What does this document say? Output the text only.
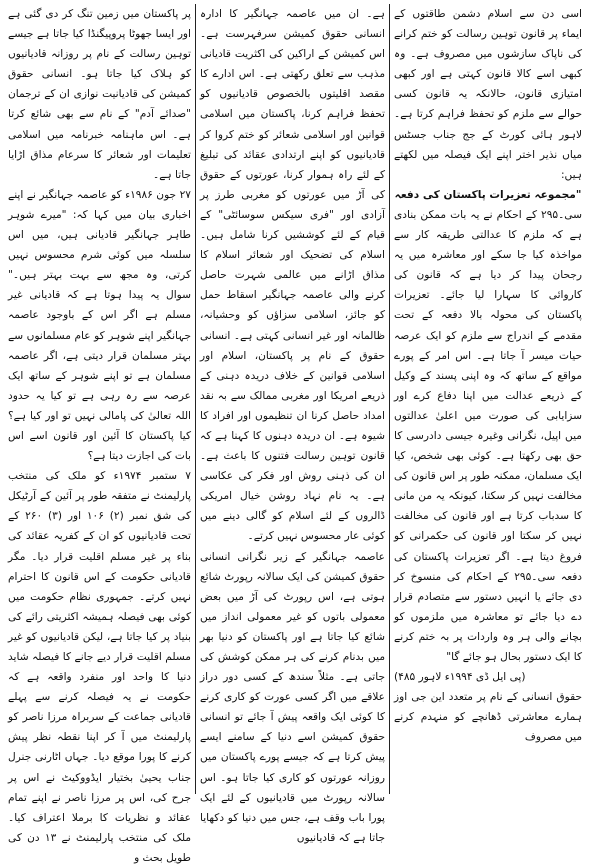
اسی دن سے اسلام دشمن طاقتوں کے ایماء پر قانون توہین رسالت کو ختم کرانے کی ناپاک سازشوں میں مصروف ہے۔ وہ کبھی اسے کالا قانون کہتی ہے اور کبھی امتیازی قانون، حالانکہ یہ قانون کسی حوالے سے ملزم کو تحفظ فراہم کرتا ہے۔ لاہور ہائی کورٹ کے جج جناب جسٹس میاں نذیر اختر اپنے ایک فیصلہ میں لکھتے ہیں:

"مجموعہ تعزیرات پاکستان کی دفعہ

سی۔۲۹۵ کے احکام نے یہ بات ممکن بنادی ہے کہ ملزم کا عدالتی طریقہ کار سے مواخذہ کیا جا سکے اور معاشرہ میں یہ رجحان پیدا کر دیا ہے کہ قانون کی کاروائی کا سہارا لیا جائے۔ تعزیرات پاکستان کی محولہ بالا دفعہ کے تحت مقدمے کے اندراج سے ملزم کو ایک عرصہ حیات میسر آ جاتا ہے۔ اس امر کے پورے مواقع کے ساتھ کہ وہ اپنی پسند کے وکیل کے ذریعے عدالت میں اپنا دفاع کرے اور سزایابی کی صورت میں اعلیٰ عدالتوں میں اپیل، نگرانی وغیرہ جیسی دادرسی کا حق بھی رکھتا ہے۔ کوئی بھی شخص، کیا ایک مسلمان، ممکنہ طور پر اس قانون کی مخالفت نہیں کر سکتا، کیونکہ یہ من مانی کا سدباب کرتا ہے اور قانون کی مخالفت نہیں کر سکتا اور قانون کی حکمرانی کو فروغ دیتا ہے۔ اگر تعزیرات پاکستان کی دفعہ سی۔۲۹۵ کے احکام کی منسوخ کر دی جائے یا انہیں دستور سے متصادم قرار دے دیا جائے تو معاشرہ میں ملزموں کو بچانے والی ہر وہ واردات پر بہ ختم کرنے کا ایک دستور بحال ہو جائے گا"

(پی ایل ڈی ۱۹۹۴ء لاہور ۴۸۵)

حقوق انسانی کے نام پر متعدد این جی اوز ہمارے معاشرتی ڈھانچے کو منہدم کرنے میں مصروف

ہے۔ ان میں عاصمہ جہانگیر کا ادارہ انسانی حقوق کمیشن سرفہرست ہے۔ اس کمیشن کے اراکین کی اکثریت قادیانی مذہب سے تعلق رکھتی ہے۔ اس ادارے کا مقصد اقلیتوں بالخصوص قادیانیوں کو تحفظ فراہم کرنا، پاکستان میں اسلامی قوانین اور اسلامی شعائر کو ختم کروا کر قادیانیوں کو اپنے ارتدادی عقائد کی تبلیغ کے لئے راہ ہموار کرنا، عورتوں کے حقوق کی آڑ میں عورتوں کو مغربی طرز پر آزادی اور "فری سیکس سوسائٹی" کے قیام کے لئے کوششیں کرنا شامل ہیں۔ اسلام کی تضحیک اور شعائر اسلام کا مذاق اڑانے میں عالمی شہرت حاصل کرنے والی عاصمہ جہانگیر اسقاط حمل کو جائز، اسلامی سزاؤں کو وحشیانہ، ظالمانہ اور غیر انسانی کہتی ہے۔ انسانی حقوق کے نام پر پاکستان، اسلام اور اسلامی قوانین کے خلاف دریدہ دہنی کے ذریعے امریکا اور مغربی ممالک سے بہ نقد امداد حاصل کرنا ان تنظیموں اور افراد کا شیوہ ہے۔ ان دریدہ دہنوں کا کہنا ہے کہ قانون توہین رسالت فتنوں کا باعث ہے۔ ان کی ذہنی روش اور فکر کی عکاسی ہے۔ یہ نام نہاد روشن خیال امریکی ڈالروں کے لئے اسلام کو گالی دینے میں کوئی عار محسوس نہیں کرتے۔

عاصمہ جہانگیر کے زیر نگرانی انسانی حقوق کمیشن کی ایک سالانہ رپورٹ شائع ہوتی ہے، اس رپورٹ کی آڑ میں بعض معمولی باتوں کو غیر معمولی انداز میں شائع کیا جاتا ہے اور پاکستان کو دنیا بھر میں بدنام کرنے کی ہر ممکن کوشش کی جاتی ہے۔ مثلاً سندھ کے کسی دور دراز علاقے میں اگر کسی عورت کو کاری کرنے کا کوئی ایک واقعہ پیش آ جائے تو انسانی حقوق کمیشن اسے دنیا کے سامنے ایسے پیش کرتا ہے کہ جیسے پورے پاکستان میں روزانہ عورتوں کو کاری کیا جاتا ہو۔ اس سالانہ رپورٹ میں قادیانیوں کے لئے ایک پورا باب وقف ہے، جس میں دنیا کو دکھایا جاتا ہے کہ قادیانیوں

پر پاکستان میں زمین تنگ کر دی گئی ہے اور ایسا جھوٹا پروپیگنڈا کیا جاتا ہے جیسے توہین رسالت کے نام پر روزانہ قادیانیوں کو ہلاک کیا جاتا ہو۔ انسانی حقوق کمیشن کی قادیانیت نوازی ان کے ترجمان "صدائے آدم" کے نام سے بھی شائع کرتا ہے۔ اس ماہنامہ خبرنامہ میں اسلامی تعلیمات اور شعائر کا سرعام مذاق اڑایا جاتا ہے۔

۲۷ جون ۱۹۸۶ء کو عاصمہ جہانگیر نے اپنے اخباری بیان میں کہا کہ: "میرے شوہر طاہر جہانگیر قادیانی ہیں، میں اس سلسلہ میں کوئی شرم محسوس نہیں کرتی، وہ مجھ سے بہت بہتر ہیں۔" سوال یہ پیدا ہوتا ہے کہ قادیانی غیر مسلم ہے اگر اس کے باوجود عاصمہ جہانگیر اپنے شوہر کو عام مسلمانوں سے بہتر مسلمان قرار دیتی ہے، اگر عاصمہ مسلمان ہے تو اپنے شوہر کے ساتھ ایک عرصہ سے رہ رہی ہے تو کیا یہ حدود اللہ تعالیٰ کی پامالی نہیں تو اور کیا ہے؟ کیا پاکستان کا آئین اور قانون اسے اس بات کی اجازت دیتا ہے؟

۷ ستمبر ۱۹۷۴ء کو ملک کی منتخب پارلیمنٹ نے متفقہ طور پر آئین کے آرٹیکل کی شق نمبر (۲) ۱۰۶ اور (۳) ۲۶۰ کے تحت قادیانیوں کو ان کے کفریہ عقائد کی بناء پر غیر مسلم اقلیت قرار دیا۔ مگر قادیانی حکومت کے اس قانون کا احترام نہیں کرتے۔ جمہوری نظام حکومت میں کوئی بھی فیصلہ ہمیشہ اکثریتی رائے کی بنیاد پر کیا جاتا ہے، لیکن قادیانیوں کو غیر مسلم اقلیت قرار دیے جانے کا فیصلہ شاید دنیا کا واحد اور منفرد واقعہ ہے کہ حکومت نے یہ فیصلہ کرنے سے پہلے قادیانی جماعت کے سربراہ مرزا ناصر کو پارلیمنٹ میں آ کر اپنا نقطہ نظر پیش کرنے کا پورا موقع دیا۔ جہاں اٹارنی جنرل جناب یحییٰ بختیار ایڈووکیٹ نے اس پر جرح کی، اس پر مرزا ناصر نے اپنے تمام عقائد و نظریات کا برملا اعتراف کیا۔ ملک کی منتخب پارلیمنٹ نے ۱۳ دن کی طویل بحث و
